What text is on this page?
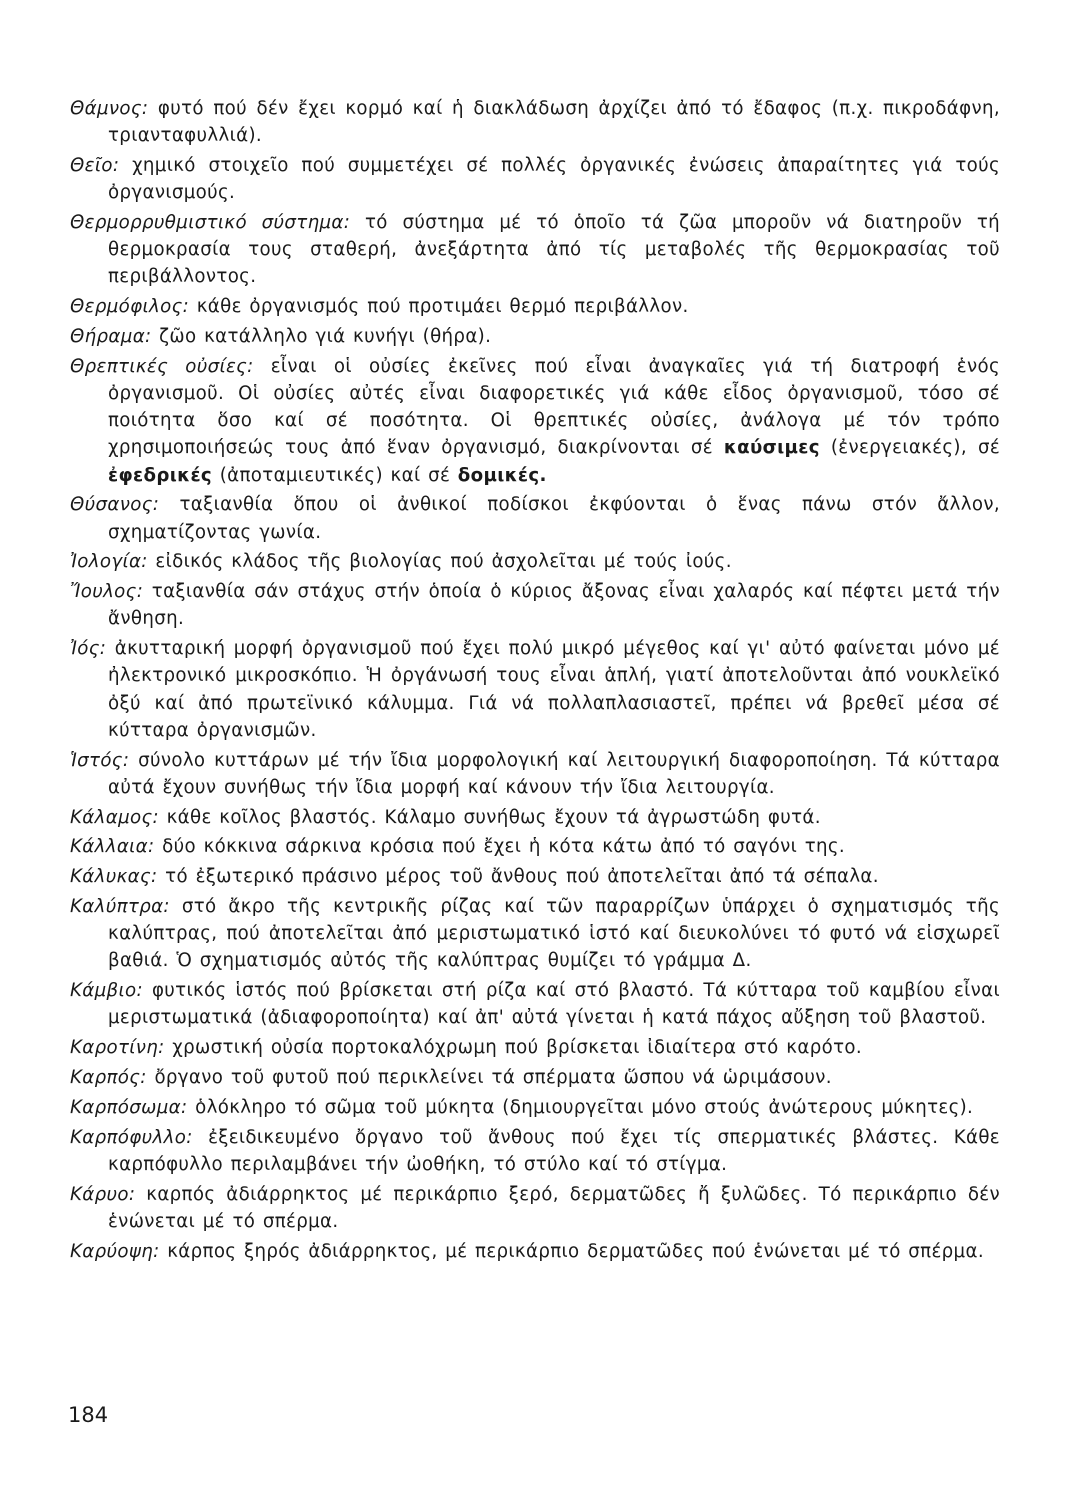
Θάμνος: φυτό πού δέν ἔχει κορμό καί ἡ διακλάδωση ἀρχίζει ἀπό τό ἔδαφος (π.χ. πικροδάφνη, τριανταφυλλιά).

Θεῖο: χημικό στοιχεῖο πού συμμετέχει σέ πολλές ὀργανικές ἐνώσεις ἀπαραίτητες γιά τούς ὀργανισμούς.

Θερμορρυθμιστικό σύστημα: τό σύστημα μέ τό ὁποῖο τά ζῶα μποροῦν νά διατηροῦν τή θερμοκρασία τους σταθερή, ἀνεξάρτητα ἀπό τίς μεταβολές τῆς θερμοκρασίας τοῦ περιβάλλοντος.

Θερμόφιλος: κάθε ὀργανισμός πού προτιμάει θερμό περιβάλλον.

Θήραμα: ζῶο κατάλληλο γιά κυνήγι (θήρα).

Θρεπτικές οὐσίες: εἶναι οἱ οὐσίες ἐκεῖνες πού εἶναι ἀναγκαῖες γιά τή διατροφή ἑνός ὀργανισμοῦ. Οἱ οὐσίες αὐτές εἶναι διαφορετικές γιά κάθε εἶδος ὀργανισμοῦ, τόσο σέ ποιότητα ὅσο καί σέ ποσότητα. Οἱ θρεπτικές οὐσίες, ἀνάλογα μέ τόν τρόπο χρησιμοποιήσεώς τους ἀπό ἕναν ὀργανισμό, διακρίνονται σέ καύσιμες (ἐνεργειακές), σέ ἐφεδρικές (ἀποταμιευτικές) καί σέ δομικές.

Θύσανος: ταξιανθία ὅπου οἱ ἀνθικοί ποδίσκοι ἐκφύονται ὁ ἕνας πάνω στόν ἄλλον, σχηματίζοντας γωνία.

Ἰολογία: εἰδικός κλάδος τῆς βιολογίας πού ἀσχολεῖται μέ τούς ἰούς.

Ἴουλος: ταξιανθία σάν στάχυς στήν ὁποία ὁ κύριος ἄξονας εἶναι χαλαρός καί πέφτει μετά τήν ἄνθηση.

Ἰός: ἀκυτταρική μορφή ὀργανισμοῦ πού ἔχει πολύ μικρό μέγεθος καί γι' αὐτό φαίνεται μόνο μέ ἠλεκτρονικό μικροσκόπιο. Ἡ ὀργάνωσή τους εἶναι ἁπλή, γιατί ἀποτελοῦνται ἀπό νουκλεϊκό ὀξύ καί ἀπό πρωτεϊνικό κάλυμμα. Γιά νά πολλαπλασιαστεῖ, πρέπει νά βρεθεῖ μέσα σέ κύτταρα ὀργανισμῶν.

Ἱστός: σύνολο κυττάρων μέ τήν ἴδια μορφολογική καί λειτουργική διαφοροποίηση. Τά κύτταρα αὐτά ἔχουν συνήθως τήν ἴδια μορφή καί κάνουν τήν ἴδια λειτουργία.

Κάλαμος: κάθε κοῖλος βλαστός. Κάλαμο συνήθως ἔχουν τά ἀγρωστώδη φυτά.

Κάλλαια: δύο κόκκινα σάρκινα κρόσια πού ἔχει ἡ κότα κάτω ἀπό τό σαγόνι της.

Κάλυκας: τό ἐξωτερικό πράσινο μέρος τοῦ ἄνθους πού ἀποτελεῖται ἀπό τά σέπαλα.

Καλύπτρα: στό ἄκρο τῆς κεντρικῆς ρίζας καί τῶν παραρρίζων ὑπάρχει ὁ σχηματισμός τῆς καλύπτρας, πού ἀποτελεῖται ἀπό μεριστωματικό ἱστό καί διευκολύνει τό φυτό νά εἰσχωρεῖ βαθιά. Ὁ σχηματισμός αὐτός τῆς καλύπτρας θυμίζει τό γράμμα Δ.

Κάμβιο: φυτικός ἱστός πού βρίσκεται στή ρίζα καί στό βλαστό. Τά κύτταρα τοῦ καμβίου εἶναι μεριστωματικά (ἀδιαφοροποίητα) καί ἀπ' αὐτά γίνεται ἡ κατά πάχος αὔξηση τοῦ βλαστοῦ.

Καροτίνη: χρωστική οὐσία πορτοκαλόχρωμη πού βρίσκεται ἰδιαίτερα στό καρότο.

Καρπός: ὄργανο τοῦ φυτοῦ πού περικλείνει τά σπέρματα ὥσπου νά ὡριμάσουν.

Καρπόσωμα: ὁλόκληρο τό σῶμα τοῦ μύκητα (δημιουργεῖται μόνο στούς ἀνώτερους μύκητες).

Καρπόφυλλο: ἐξειδικευμένο ὄργανο τοῦ ἄνθους πού ἔχει τίς σπερματικές βλάστες. Κάθε καρπόφυλλο περιλαμβάνει τήν ὠοθήκη, τό στύλο καί τό στίγμα.

Κάρυο: καρπός ἀδιάρρηκτος μέ περικάρπιο ξερό, δερματῶδες ἤ ξυλῶδες. Τό περικάρπιο δέν ἑνώνεται μέ τό σπέρμα.

Καρύοψη: κάρπος ξηρός ἀδιάρρηκτος, μέ περικάρπιο δερματῶδες πού ἑνώνεται μέ τό σπέρμα.

184
